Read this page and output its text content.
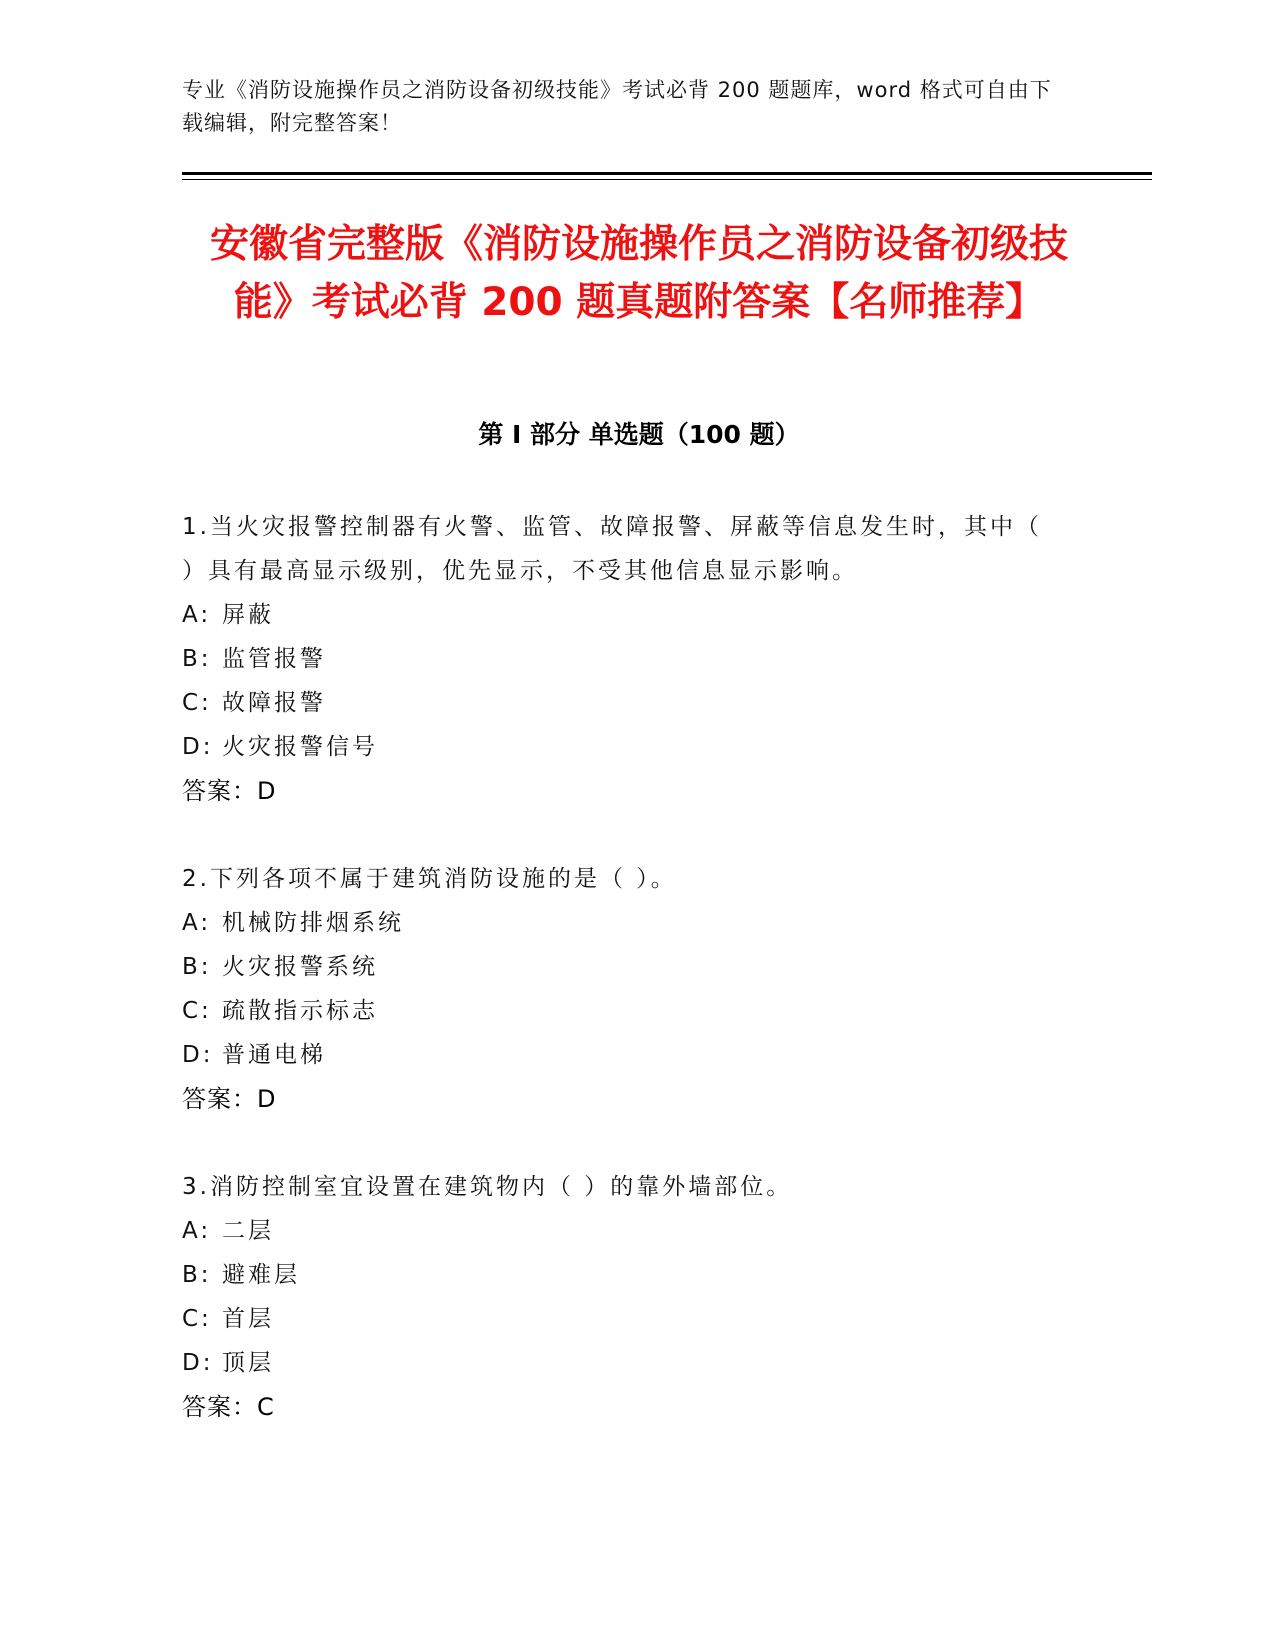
专业《消防设施操作员之消防设备初级技能》考试必背 200 题题库，word 格式可自由下载编辑，附完整答案！
安徽省完整版《消防设施操作员之消防设备初级技能》考试必背 200 题真题附答案【名师推荐】
第 I 部分 单选题（100 题）
1.当火灾报警控制器有火警、监管、故障报警、屏蔽等信息发生时，其中（ ）具有最高显示级别，优先显示，不受其他信息显示影响。
A: 屏蔽
B: 监管报警
C: 故障报警
D: 火灾报警信号
答案：D
2.下列各项不属于建筑消防设施的是（ ）。
A: 机械防排烟系统
B: 火灾报警系统
C: 疏散指示标志
D: 普通电梯
答案：D
3.消防控制室宜设置在建筑物内（ ）的靠外墙部位。
A: 二层
B: 避难层
C: 首层
D: 顶层
答案：C
